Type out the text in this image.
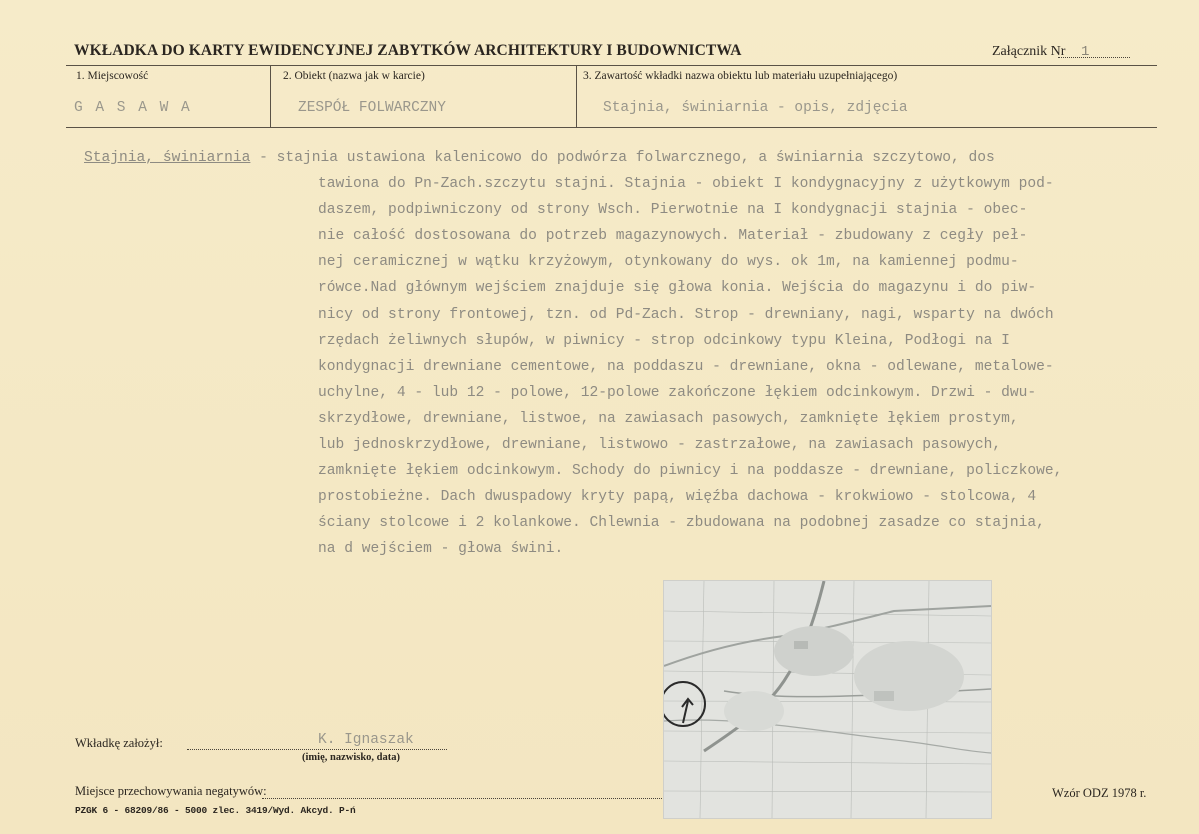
WKŁADKA DO KARTY EWIDENCYJNEJ ZABYTKÓW ARCHITEKTURY I BUDOWNICTWA	Załącznik Nr 1
1. Miejscowość
G A S A W A
2. Obiekt (nazwa jak w karcie)
ZESPÓŁ FOLWARCZNY
3. Zawartość wkładki nazwa obiektu lub materiału uzupełniającego)
Stajnia, świniarnia - opis, zdjęcia
Stajnia, świniarnia - stajnia ustawiona kalenicowo do podwórza folwarcznego, a świniarnia szczytowo, dos
tawiona do Pn-Zach.szczytu stajni. Stajnia - obiekt I kondygnacyjny z użytkowym pod-
daszem, podpiwniczony od strony Wsch. Pierwotnie na I kondygnacji stajnia - obec-
nie całość dostosowana do potrzeb magazynowych. Materiał - zbudowany z cegły peł-
nej ceramicznej w wątku krzyżowym, otynkowany do wys. ok 1m, na kamiennej podmu-
rówce.Nad głównym wejściem znajduje się głowa konia. Wejścia do magazynu i do piw-
nicy od strony frontowej, tzn. od Pd-Zach. Strop - drewniany, nagi, wsparty na dwóch
rzędach żeliwnych słupów, w piwnicy - strop odcinkowy typu Kleina, Podłogi na I
kondygnacji drewniane cementowe, na poddaszu - drewniane, okna - odlewane, metalowe-
uchylne, 4 - lub 12 - polowe, 12-polowe zakończone łękiem odcinkowym. Drzwi - dwu-
skrzydłowe, drewniane, listwoe, na zawiasach pasowych, zamknięte łękiem prostym,
lub jednoskrzydłowe, drewniane, listwowo - zastrzałowe, na zawiasach pasowych,
zamknięte łękiem odcinkowym. Schody do piwnicy i na poddasze - drewniane, policzkowe,
prostobieżne. Dach dwuspadowy kryty papą, więźba dachowa - krokwiowo - stolcowa, 4
ściany stolcowe i 2 kolankowe. Chlewnia - zbudowana na podobnej zasadze co stajnia,
na d wejściem - głowa świni.
Wkładkę założył:	K. Ignaszak
(imię, nazwisko, data)
Miejsce przechowywania negatywów:
PZGK 6 - 68209/86 - 5000 zlec. 3419/Wyd. Akcyd. P-ń
Wzór ODZ 1978 r.
